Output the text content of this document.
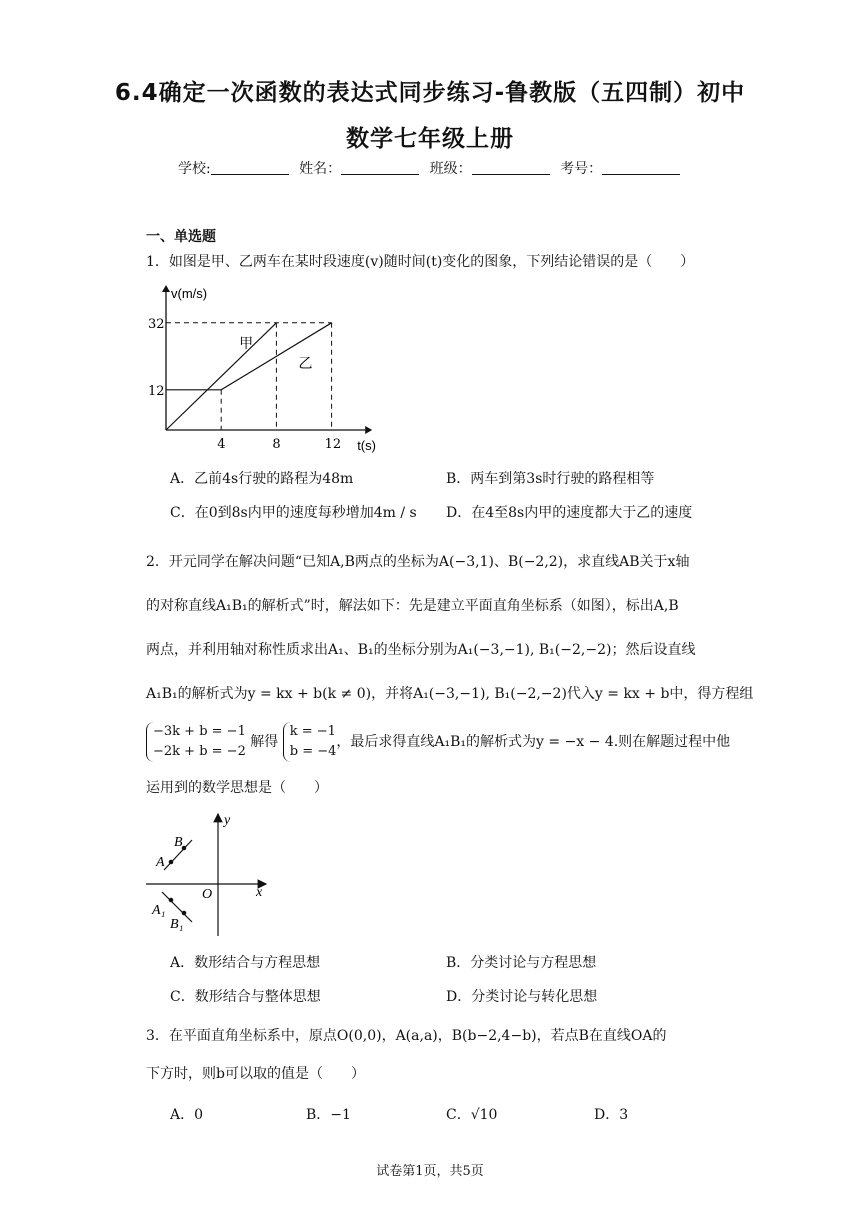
6.4确定一次函数的表达式同步练习-鲁教版（五四制）初中
数学七年级上册
学校:	姓名：	班级：	考号：
一、单选题
1．如图是甲、乙两车在某时段速度(v)随时间(t)变化的图象，下列结论错误的是（　　）
v(m/s)
t(s)
4	8	12
12
32
甲
乙
A．乙前4s行驶的路程为48m	B．两车到第3s时行驶的路程相等
C．在0到8s内甲的速度每秒增加4m / s D．在4至8s内甲的速度都大于乙的速度
2．开元同学在解决问题“已知A,B两点的坐标为A(−3,1)、B(−2,2)，求直线AB关于x轴
的对称直线A₁B₁的解析式”时，解法如下：先是建立平面直角坐标系（如图），标出A,B
两点，并利用轴对称性质求出A₁、B₁的坐标分别为A₁(−3,−1), B₁(−2,−2)；然后设直线
A₁B₁的解析式为y = kx + b(k ≠ 0)，并将A₁(−3,−1), B₁(−2,−2)代入y = kx + b中，得方程组
−3k + b = −1
−2k + b = −2 解得 k = −1
b = −4，最后求得直线A₁B₁的解析式为y = −x − 4.则在解题过程中他
运用到的数学思想是（　　）
y
x
O
A
B
A₁
B₁
A．数形结合与方程思想	B．分类讨论与方程思想
C．数形结合与整体思想	D．分类讨论与转化思想
3．在平面直角坐标系中，原点O(0,0)，A(a,a)，B(b−2,4−b)，若点B在直线OA的
下方时，则b可以取的值是（　　）
A．0	B．−1	C．√10	D．3
试卷第1页，共5页
